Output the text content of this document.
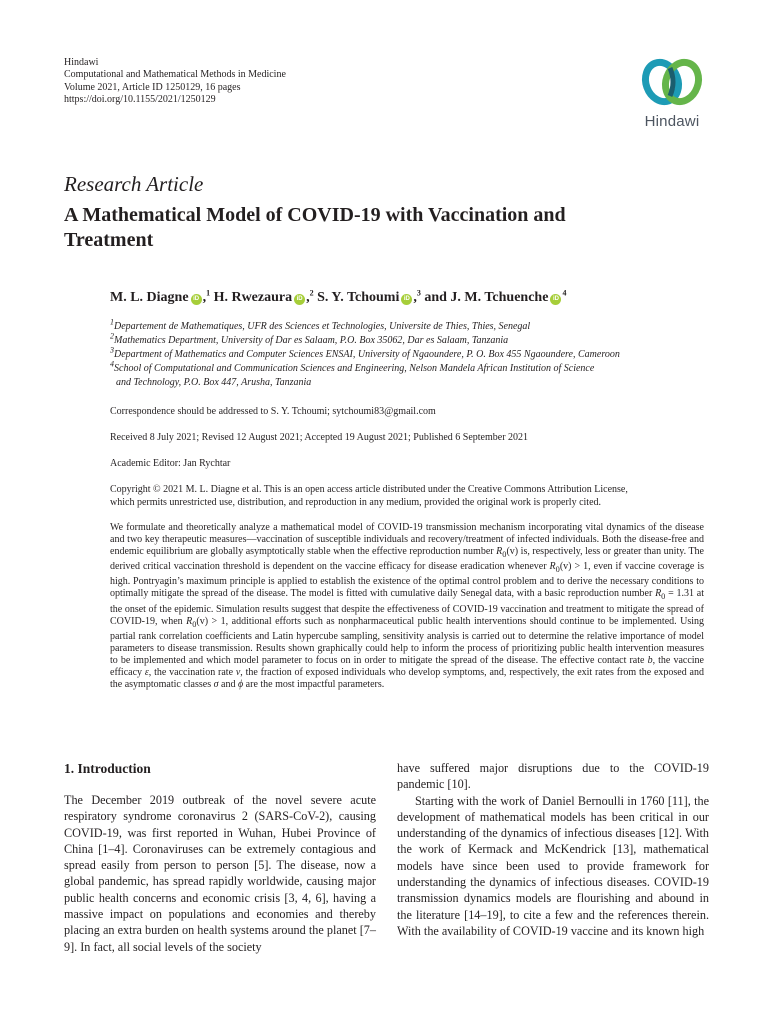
Hindawi
Computational and Mathematical Methods in Medicine
Volume 2021, Article ID 1250129, 16 pages
https://doi.org/10.1155/2021/1250129
Hindawi
Research Article
A Mathematical Model of COVID-19 with Vaccination and Treatment
M. L. Diagne iD ,$^1$ H. Rwezaura iD ,$^2$ S. Y. Tchoumi iD ,$^3$ and J. M. Tchuenche $iD^4$
$^1$Departement de Mathematiques, UFR des Sciences et Technologies, Universite de Thies, Thies, Senegal
$^2$Mathematics Department, University of Dar es Salaam, P.O. Box 35062, Dar es Salaam, Tanzania
$^3$Department of Mathematics and Computer Sciences ENSAI, University of Ngaoundere, P. O. Box 455 Ngaoundere, Cameroon
$^4$School of Computational and Communication Sciences and Engineering, Nelson Mandela African Institution of Science
and Technology, P.O. Box 447, Arusha, Tanzania
Correspondence should be addressed to S. Y. Tchoumi; sytchoumi83@gmail.com
Received 8 July 2021; Revised 12 August 2021; Accepted 19 August 2021; Published 6 September 2021
Academic Editor: Jan Rychtar
Copyright © 2021 M. L. Diagne et al. This is an open access article distributed under the Creative Commons Attribution License,
which permits unrestricted use, distribution, and reproduction in any medium, provided the original work is properly cited.
We formulate and theoretically analyze a mathematical model of COVID-19 transmission mechanism incorporating vital dynamics of the disease and two key therapeutic measures—vaccination of susceptible individuals and recovery/treatment of infected individuals. Both the disease-free and endemic equilibrium are globally asymptotically stable when the effective reproduction number $R_0(v)$ is, respectively, less or greater than unity. The derived critical vaccination threshold is dependent on the vaccine efficacy for disease eradication whenever $R_0(v) > 1$, even if vaccine coverage is high. Pontryagin’s maximum principle is applied to establish the existence of the optimal control problem and to derive the necessary conditions to optimally mitigate the spread of the disease. The model is fitted with cumulative daily Senegal data, with a basic reproduction number $R_0 = 1.31$ at the onset of the epidemic. Simulation results suggest that despite the effectiveness of COVID-19 vaccination and treatment to mitigate the spread of COVID-19, when $R_0(v) > 1$, additional efforts such as nonpharmaceutical public health interventions should continue to be implemented. Using partial rank correlation coefficients and Latin hypercube sampling, sensitivity analysis is carried out to determine the relative importance of model parameters to disease transmission. Results shown graphically could help to inform the process of prioritizing public health intervention measures to be implemented and which model parameter to focus on in order to mitigate the spread of the disease. The effective contact rate b, the vaccine efficacy ε, the vaccination rate v, the fraction of exposed individuals who develop symptoms, and, respectively, the exit rates from the exposed and the asymptomatic classes σ and ϕ are the most impactful parameters.
1. Introduction

The December 2019 outbreak of the novel severe acute respiratory syndrome coronavirus 2 (SARS-CoV-2), causing COVID-19, was first reported in Wuhan, Hubei Province of China [1–4]. Coronaviruses can be extremely contagious and spread easily from person to person [5]. The disease, now a global pandemic, has spread rapidly worldwide, causing major public health concerns and economic crisis [3, 4, 6], having a massive impact on populations and economies and thereby placing an extra burden on health systems around the planet [7–9]. In fact, all social levels of the society

have suffered major disruptions due to the COVID-19 pandemic [10].

Starting with the work of Daniel Bernoulli in 1760 [11], the development of mathematical models has been critical in our understanding of the dynamics of infectious diseases [12]. With the work of Kermack and McKendrick [13], mathematical models have since been used to provide framework for understanding the dynamics of infectious diseases. COVID-19 transmission dynamics models are flourishing and abound in the literature [14–19], to cite a few and the references therein. With the availability of COVID-19 vaccine and its known high
